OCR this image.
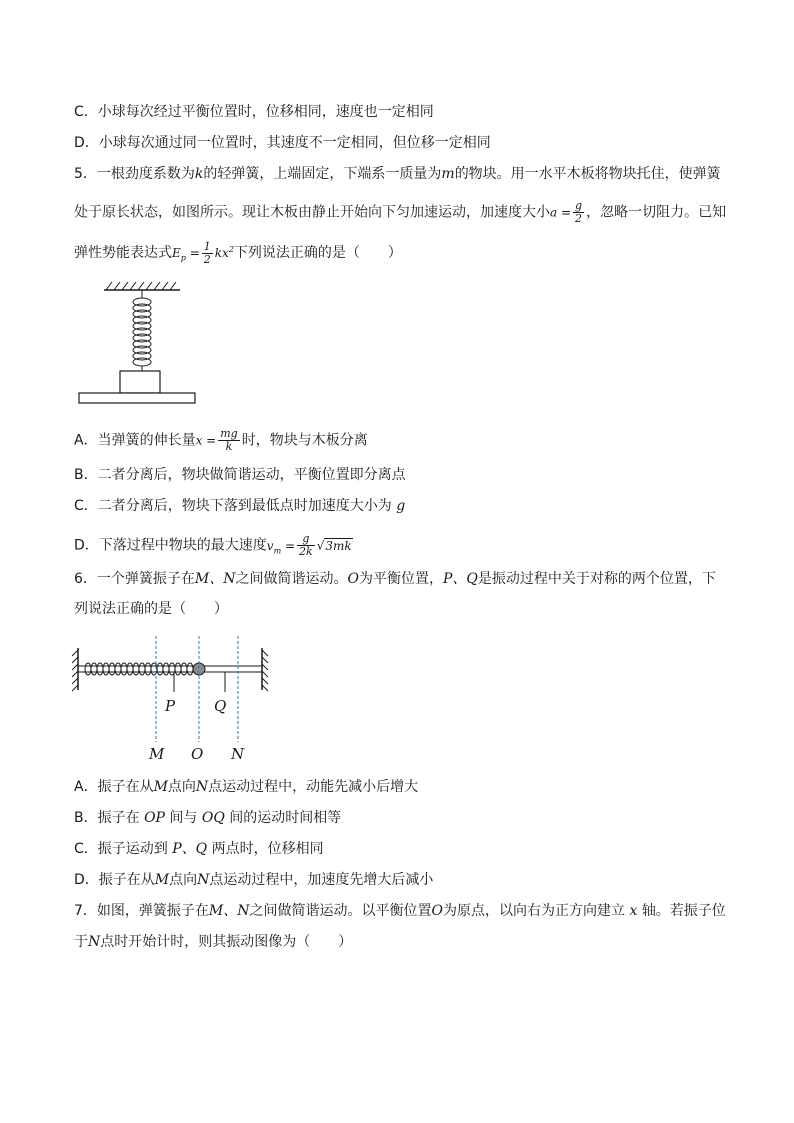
C．小球每次经过平衡位置时，位移相同，速度也一定相同
D．小球每次通过同一位置时，其速度不一定相同，但位移一定相同
5．一根劲度系数为k的轻弹簧，上端固定，下端系一质量为m的物块。用一水平木板将物块托住，使弹簧
处于原长状态，如图所示。现让木板由静止开始向下匀加速运动，加速度大小$a = \frac{g}{2}$ ，忽略一切阻力。已知
弹性势能表达式$E_p = \frac{1}{2} kx^2$下列说法正确的是（　　）
A．当弹簧的伸长量$x = \frac{mg}{k}$ 时，物块与木板分离
B．二者分离后，物块做简谐运动，平衡位置即分离点
C．二者分离后，物块下落到最低点时加速度大小为 g
D．下落过程中物块的最大速度$v_m = \frac{g}{2k} √3mk$
6．一个弹簧振子在M、N之间做简谐运动。O为平衡位置，P、Q是振动过程中关于对称的两个位置，下
列说法正确的是（　　）
P	Q
M O N
A．振子在从M点向N点运动过程中，动能先减小后增大
B．振子在 OP 间与 OQ 间的运动时间相等
C．振子运动到 P、Q 两点时，位移相同
D．振子在从M点向N点运动过程中，加速度先增大后减小
7．如图，弹簧振子在M、N之间做简谐运动。以平衡位置O为原点，以向右为正方向建立 x 轴。若振子位
于N点时开始计时，则其振动图像为（　　）
